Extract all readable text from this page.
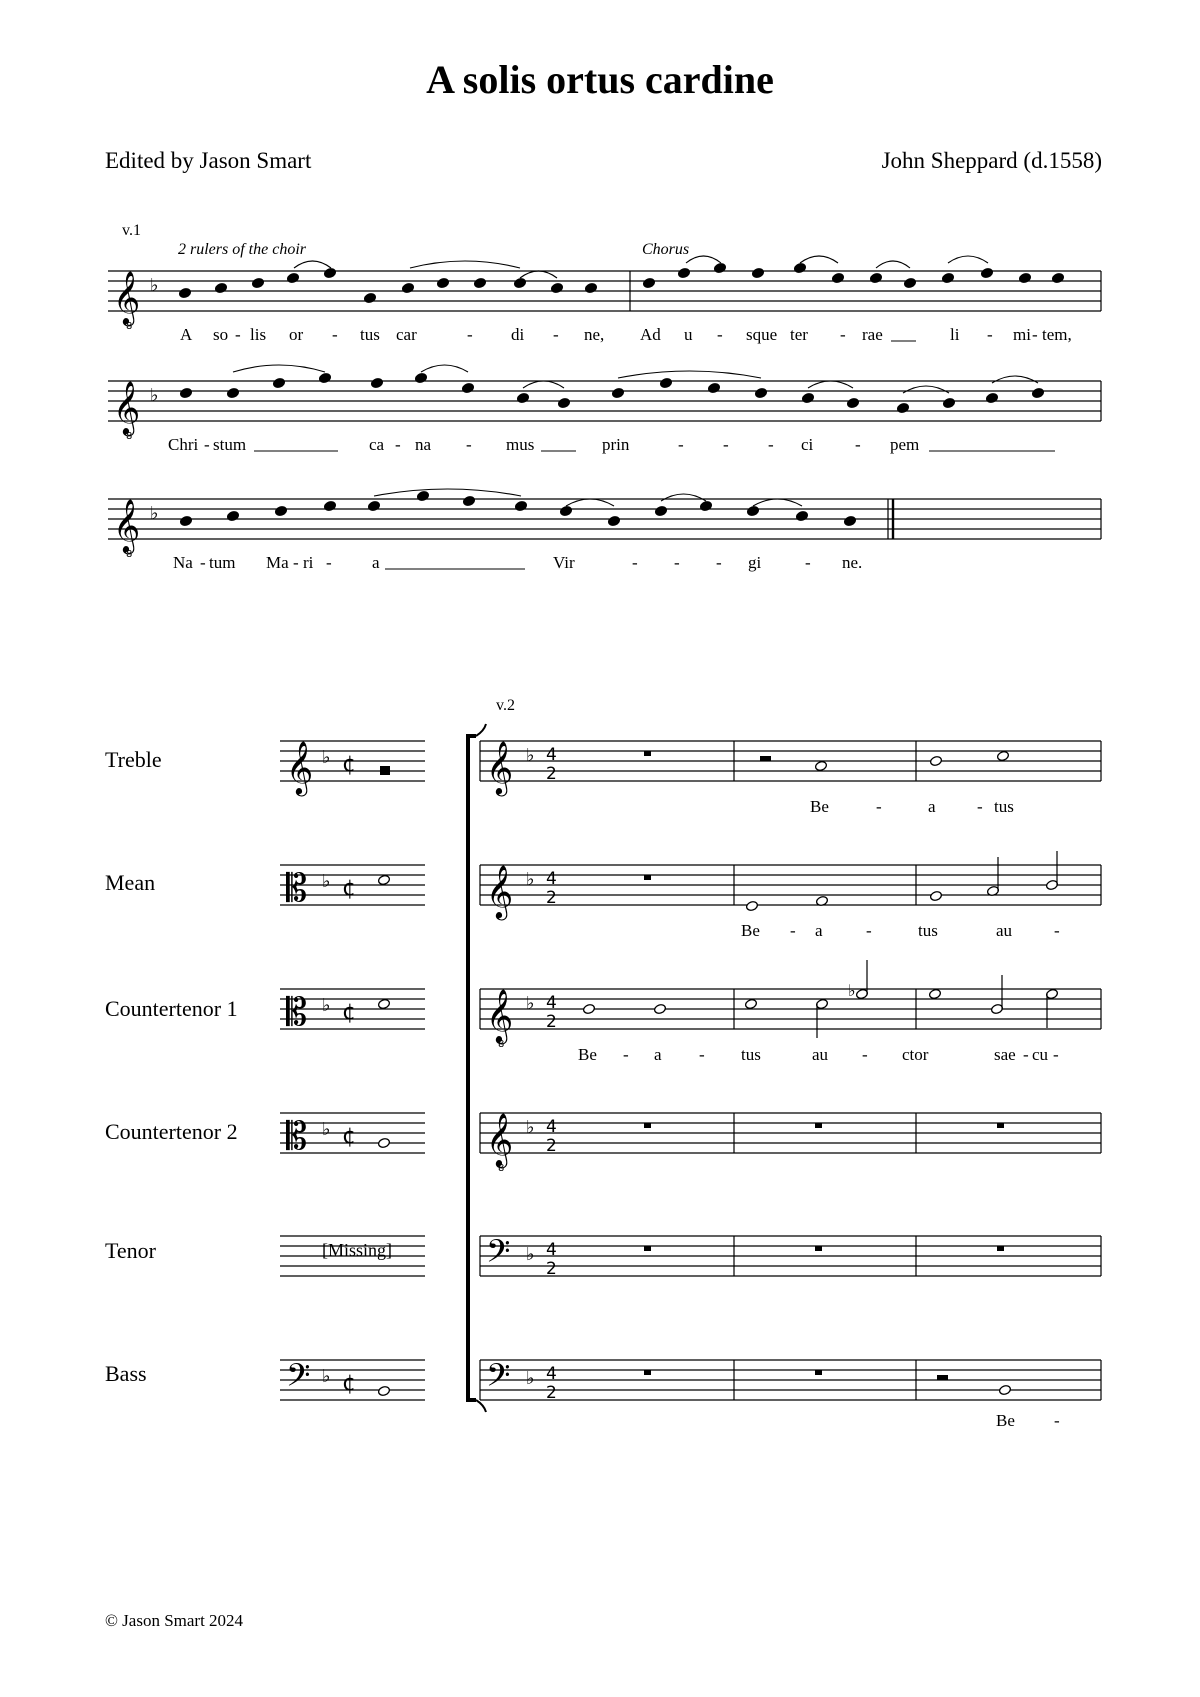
A solis ortus cardine
Edited by Jason Smart	John Sheppard (d.1558)
v.1
2 rulers of the choir	Chorus
A so - lis or - tus car	- di - ne, Ad u - sque ter - rae	li - mi - tem,
Chri - stum	ca - na - mus	prin	- - - ci - pem
Na - tum Ma - ri - a	Vir	- - - gi	- ne.
v.2
Treble
Mean
Countertenor 1
Countertenor 2
Tenor
Bass
[Missing]
Be	-	a - tus
Be - a	-	tus	au -
Be - a - tus	au - ctor	sae - cu -
Be -
© Jason Smart 2024
𝄞
8
♭
𝄞
8
♭
𝄞
8
♭
𝄞 ♭ 4
2
𝄞 ♭ ¢
𝄞 ♭ 4
2
𝄡 ♭ ¢
𝄞
8
♭ 4
2
𝄡 ♭ ¢
𝄞
8
♭ 4
2
𝄡 ♭ ¢
𝄢 ♭ 4
2
𝄢 ♭ 4
2
𝄢 ♭ ¢
♭
